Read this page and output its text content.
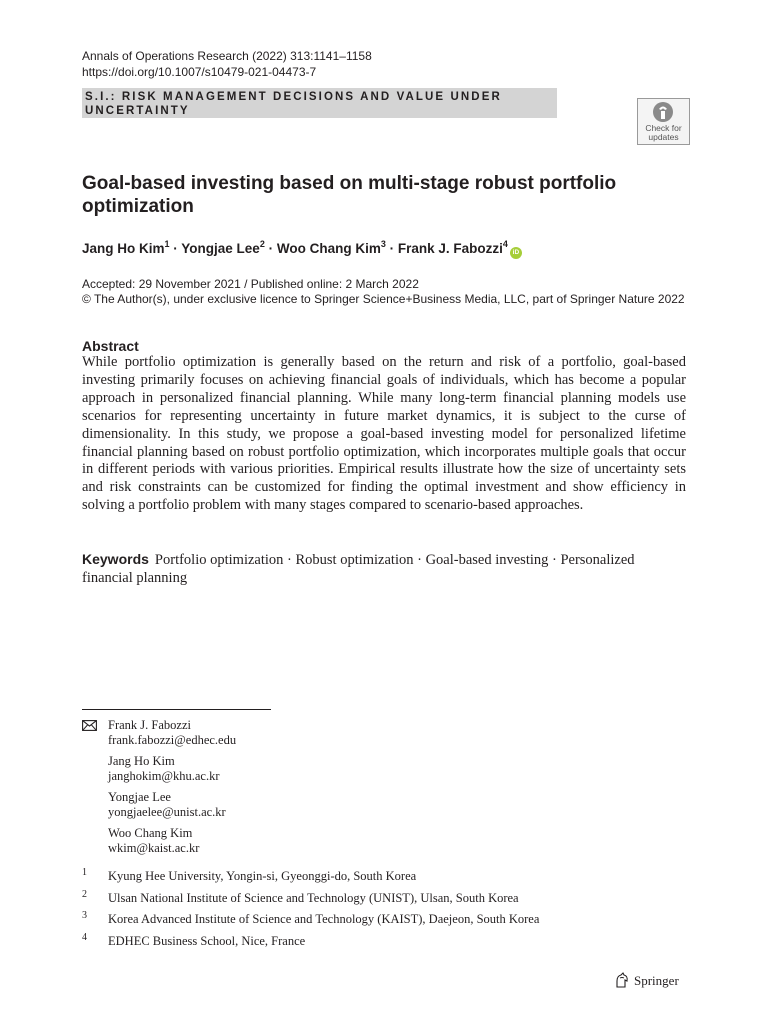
Annals of Operations Research (2022) 313:1141–1158
https://doi.org/10.1007/s10479-021-04473-7
S.I.: RISK MANAGEMENT DECISIONS AND VALUE UNDER UNCERTAINTY
Check for
updates
Goal-based investing based on multi-stage robust portfolio optimization
Jang Ho Kim$^1$ · Yongjae Lee$^2$ · Woo Chang Kim$^3$ · Frank J. Fabozzi$^4$iD
Accepted: 29 November 2021 / Published online: 2 March 2022
© The Author(s), under exclusive licence to Springer Science+Business Media, LLC, part of Springer Nature 2022
Abstract
While portfolio optimization is generally based on the return and risk of a portfolio, goal-based investing primarily focuses on achieving financial goals of individuals, which has become a popular approach in personalized financial planning. While many long-term financial planning models use scenarios for representing uncertainty in future market dynamics, it is subject to the curse of dimensionality. In this study, we propose a goal-based investing model for personalized lifetime financial planning based on robust portfolio optimization, which incorporates multiple goals that occur in different periods with various priorities. Empirical results illustrate how the size of uncertainty sets and risk constraints can be customized for finding the optimal investment and show efficiency in solving a portfolio problem with many stages compared to scenario-based approaches.
Keywords Portfolio optimization · Robust optimization · Goal-based investing · Personalized financial planning
Frank J. Fabozzi
frank.fabozzi@edhec.edu
Jang Ho Kim
janghokim@khu.ac.kr
Yongjae Lee
yongjaelee@unist.ac.kr
Woo Chang Kim
wkim@kaist.ac.kr
1 Kyung Hee University, Yongin-si, Gyeonggi-do, South Korea
2 Ulsan National Institute of Science and Technology (UNIST), Ulsan, South Korea
3 Korea Advanced Institute of Science and Technology (KAIST), Daejeon, South Korea
4 EDHEC Business School, Nice, France
Springer
